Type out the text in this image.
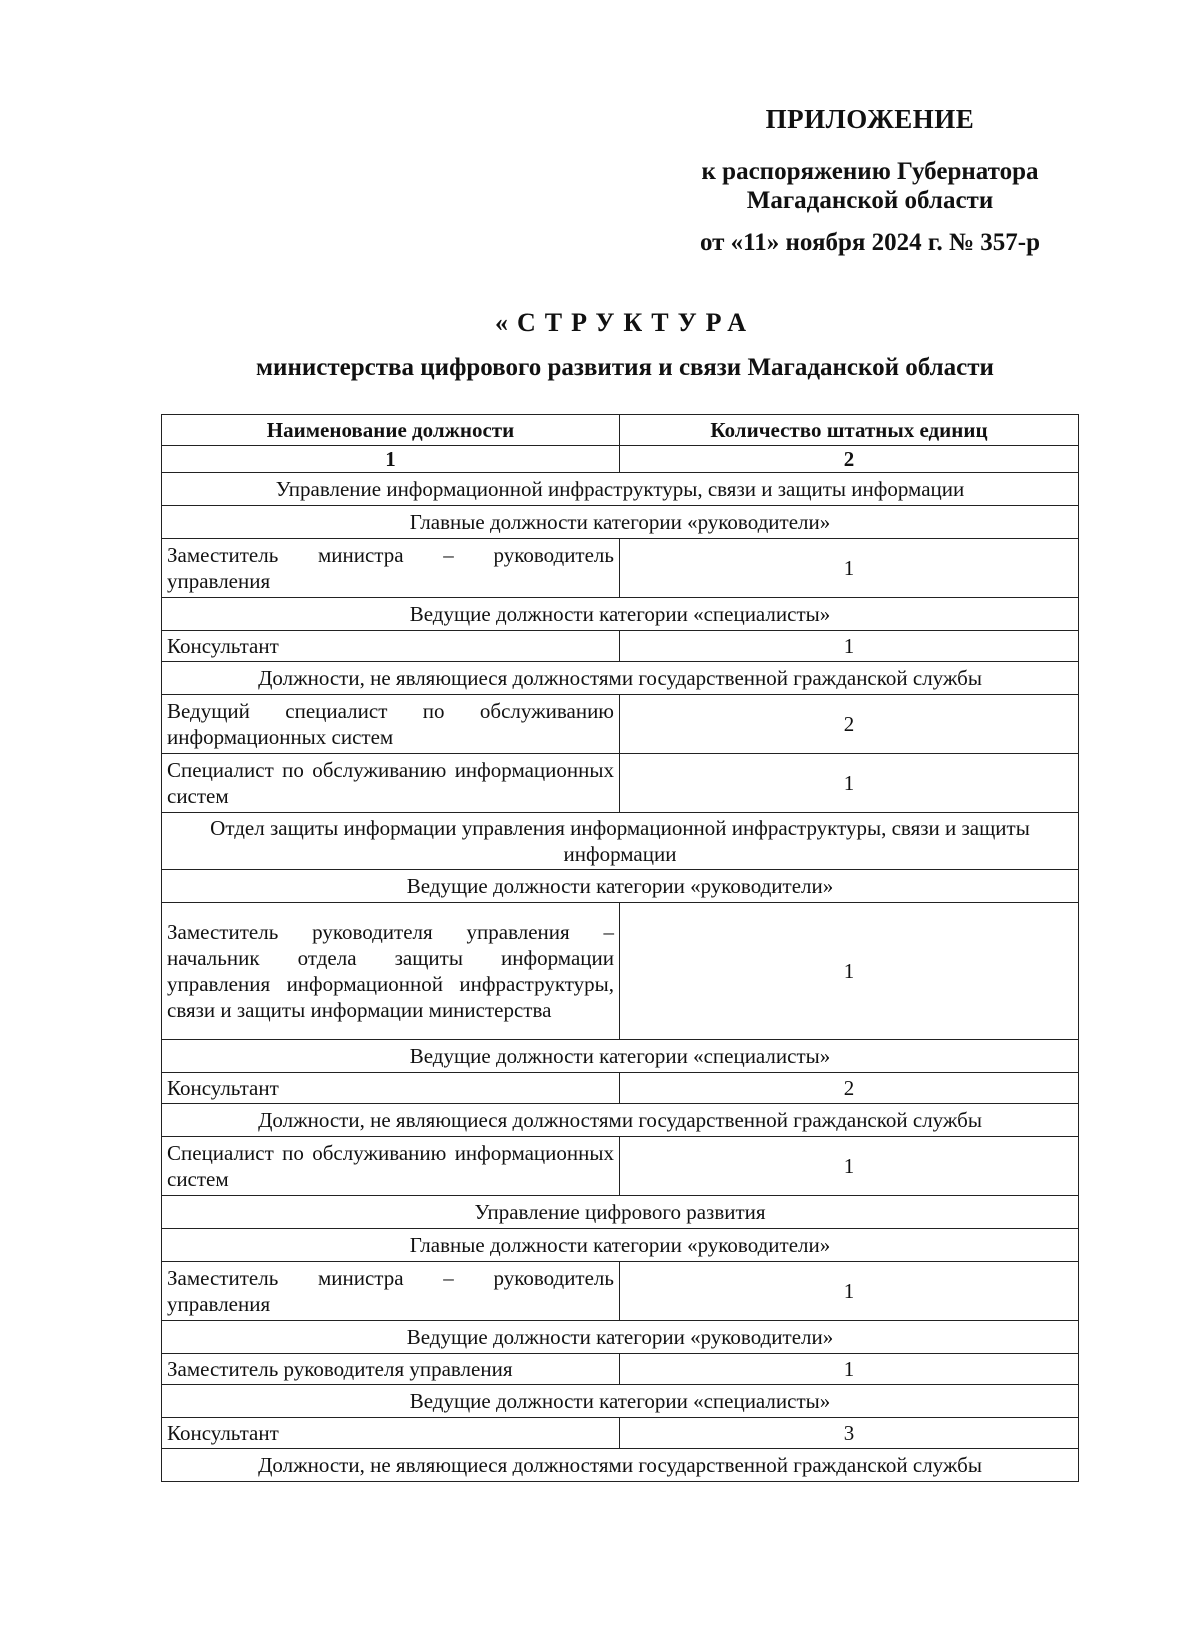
ПРИЛОЖЕНИЕ
к распоряжению Губернатора
Магаданской области
от «11» ноября 2024 г. № 357-р
«СТРУКТУРА
министерства цифрового развития и связи Магаданской области
Наименование должности	Количество штатных единиц
1	2
Управление информационной инфраструктуры, связи и защиты информации	
Главные должности категории «руководители»	
Заместитель министра – руководитель управления	1
Ведущие должности категории «специалисты»	
Консультант	1
Должности, не являющиеся должностями государственной гражданской службы	
Ведущий специалист по обслуживанию информационных систем	2
Специалист по обслуживанию информационных систем	1
Отдел защиты информации управления информационной инфраструктуры, связи и защиты информации	
Ведущие должности категории «руководители»	
Заместитель руководителя управления – начальник отдела защиты информации управления информационной инфраструктуры, связи и защиты информации министерства	1
Ведущие должности категории «специалисты»	
Консультант	2
Должности, не являющиеся должностями государственной гражданской службы	
Специалист по обслуживанию информационных систем	1
Управление цифрового развития	
Главные должности категории «руководители»	
Заместитель министра – руководитель управления	1
Ведущие должности категории «руководители»	
Заместитель руководителя управления	1
Ведущие должности категории «специалисты»	
Консультант	3
Должности, не являющиеся должностями государственной гражданской службы	
